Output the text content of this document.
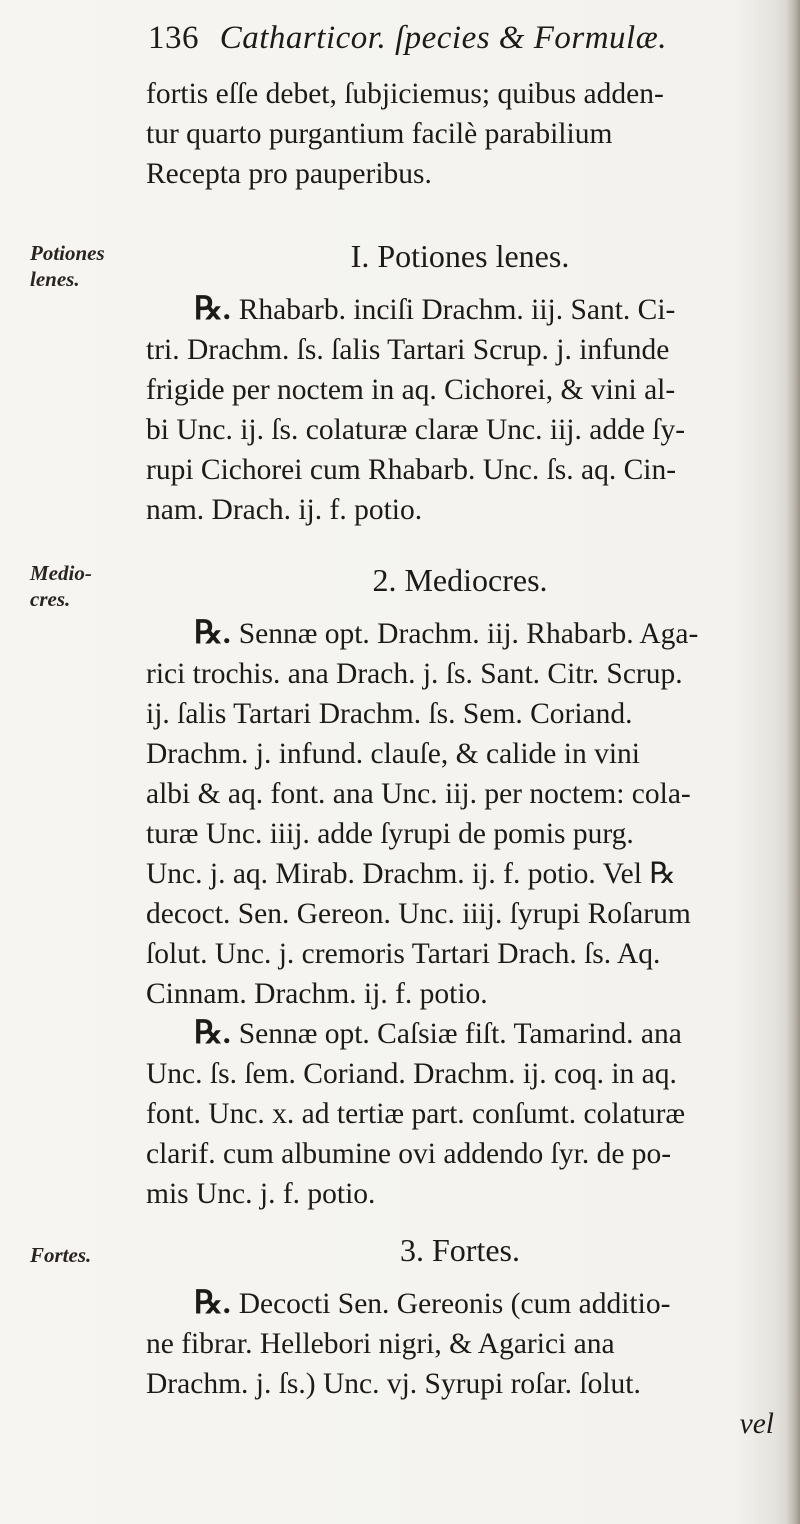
136 Catharticor. ſpecies & Formulæ.
fortis eſſe debet, ſubjiciemus; quibus adden-
tur quarto purgantium facilè parabilium
Recepta pro pauperibus.
Potiones lenes.
I. Potiones lenes.
℞. Rhabarb. inciſi Drachm. iij. Sant. Ci-
tri. Drachm. ſs. ſalis Tartari Scrup. j. infunde
frigide per noctem in aq. Cichorei, & vini al-
bi Unc. ij. ſs. colaturæ claræ Unc. iij. adde ſy-
rupi Cichorei cum Rhabarb. Unc. ſs. aq. Cin-
nam. Drach. ij. f. potio.
Medio-cres.
2. Mediocres.
℞. Sennæ opt. Drachm. iij. Rhabarb. Aga-
rici trochis. ana Drach. j. ſs. Sant. Citr. Scrup.
ij. ſalis Tartari Drachm. ſs. Sem. Coriand.
Drachm. j. infund. clauſe, & calide in vini
albi & aq. font. ana Unc. iij. per noctem: cola-
turæ Unc. iiij. adde ſyrupi de pomis purg.
Unc. j. aq. Mirab. Drachm. ij. f. potio. Vel ℞
decoct. Sen. Gereon. Unc. iiij. ſyrupi Roſarum
ſolut. Unc. j. cremoris Tartari Drach. ſs. Aq.
Cinnam. Drachm. ij. f. potio.
℞. Sennæ opt. Caſsiæ fiſt. Tamarind. ana
Unc. ſs. ſem. Coriand. Drachm. ij. coq. in aq.
font. Unc. x. ad tertiæ part. conſumt. colaturæ
clarif. cum albumine ovi addendo ſyr. de po-
mis Unc. j. f. potio.
Fortes.	3. Fortes.
℞. Decocti Sen. Gereonis (cum additio-
ne fibrar. Hellebori nigri, & Agarici ana
Drachm. j. ſs.) Unc. vj. Syrupi roſar. ſolut.
vel
